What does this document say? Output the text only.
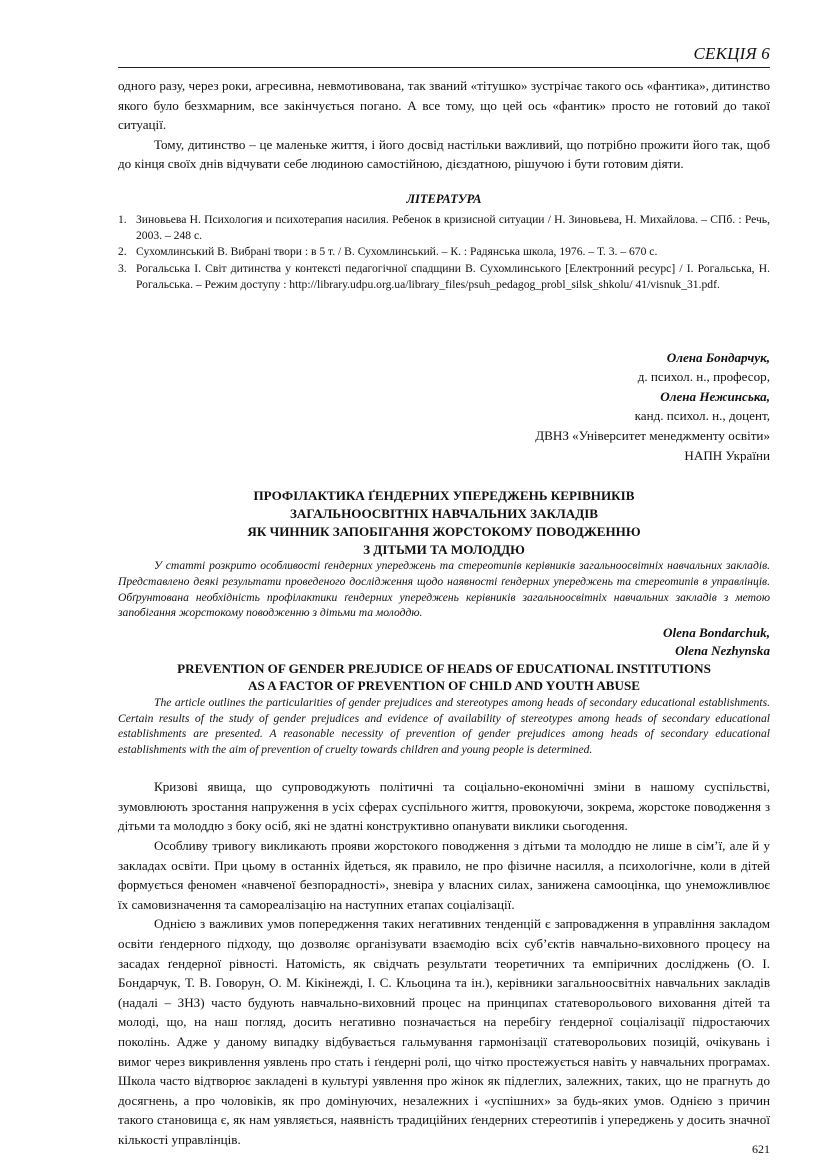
СЕКЦІЯ 6

одного разу, через роки, агресивна, невмотивована, так званий «тітушко» зустрічає такого ось «фантика», дитинство якого було безхмарним, все закінчується погано. А все тому, що цей ось «фантик» просто не готовий до такої ситуації.

Тому, дитинство – це маленьке життя, і його досвід настільки важливий, що потрібно прожити його так, щоб до кінця своїх днів відчувати себе людиною самостійною, дієздатною, рішучою і бути готовим діяти.

ЛІТЕРАТУРА
1. Зиновьева Н. Психология и психотерапия насилия. Ребенок в кризисной ситуации / Н. Зиновьева, Н. Михайлова. – СПб. : Речь, 2003. – 248 с.
2. Сухомлинський В. Вибрані твори : в 5 т. / В. Сухомлинський. – К. : Радянська школа, 1976. – Т. 3. – 670 с.
3. Рогальська І. Світ дитинства у контексті педагогічної спадщини В. Сухомлинського [Електронний ресурс] / І. Рогальська, Н. Рогальська. – Режим доступу : http://library.udpu.org.ua/library_files/psuh_pedagog_probl_silsk_shkolu/ 41/visnuk_31.pdf.
Олена Бондарчук,
д. психол. н., професор,
Олена Нежинська,
канд. психол. н., доцент,
ДВНЗ «Університет менеджменту освіти»
НАПН України
ПРОФІЛАКТИКА ҐЕНДЕРНИХ УПЕРЕДЖЕНЬ КЕРІВНИКІВ
ЗАГАЛЬНООСВІТНІХ НАВЧАЛЬНИХ ЗАКЛАДІВ
ЯК ЧИННИК ЗАПОБІГАННЯ ЖОРСТОКОМУ ПОВОДЖЕННЮ
З ДІТЬМИ ТА МОЛОДДЮ

У статті розкрито особливості ґендерних упереджень та стереотипів керівників загальноосвітніх навчальних закладів. Представлено деякі результати проведеного дослідження щодо наявності ґендерних упереджень та стереотипів в управлінців. Обґрунтована необхідність профілактики ґендерних упереджень керівників загальноосвітніх навчальних закладів з метою запобігання жорстокому поводженню з дітьми та молоддю.

Olena Bondarchuk,
Olena Nezhynska
PREVENTION OF GENDER PREJUDICE OF HEADS OF EDUCATIONAL INSTITUTIONS
AS A FACTOR OF PREVENTION OF CHILD AND YOUTH ABUSE

The article outlines the particularities of gender prejudices and stereotypes among heads of secondary educational establishments. Certain results of the study of gender prejudices and evidence of availability of stereotypes among heads of secondary educational establishments are presented. A reasonable necessity of prevention of gender prejudices among heads of secondary educational establishments with the aim of prevention of cruelty towards children and young people is determined.

Кризові явища, що супроводжують політичні та соціально-економічні зміни в нашому суспільстві, зумовлюють зростання напруження в усіх сферах суспільного життя, провокуючи, зокрема, жорстоке поводження з дітьми та молоддю з боку осіб, які не здатні конструктивно опанувати виклики сьогодення.

Особливу тривогу викликають прояви жорстокого поводження з дітьми та молоддю не лише в сім’ї, але й у закладах освіти. При цьому в останніх йдеться, як правило, не про фізичне насилля, а психологічне, коли в дітей формується феномен «навченої безпорадності», зневіра у власних силах, занижена самооцінка, що унеможливлює їх самовизначення та самореалізацію на наступних етапах соціалізації.

Однією з важливих умов попередження таких негативних тенденцій є запровадження в управління закладом освіти ґендерного підходу, що дозволяє організувати взаємодію всіх суб’єктів навчально-виховного процесу на засадах ґендерної рівності. Натомість, як свідчать результати теоретичних та емпіричних досліджень (О. І. Бондарчук, Т. В. Говорун, О. М. Кікінежді, І. С. Кльоцина та ін.), керівники загальноосвітніх навчальних закладів (надалі – ЗНЗ) часто будують навчально-виховний процес на принципах статеворольового виховання дітей та молоді, що, на наш погляд, досить негативно позначається на перебігу ґендерної соціалізації підростаючих поколінь. Адже у даному випадку відбувається гальмування гармонізації статеворольових позицій, очікувань і вимог через викривлення уявлень про стать і ґендерні ролі, що чітко простежується навіть у навчальних програмах. Школа часто відтворює закладені в культурі уявлення про жінок як підлеглих, залежних, таких, що не прагнуть до досягнень, а про чоловіків, як про домінуючих, незалежних і «успішних» за будь-яких умов. Однією з причин такого становища є, як нам уявляється, наявність традиційних ґендерних стереотипів і упереджень у досить значної кількості управлінців.

621
